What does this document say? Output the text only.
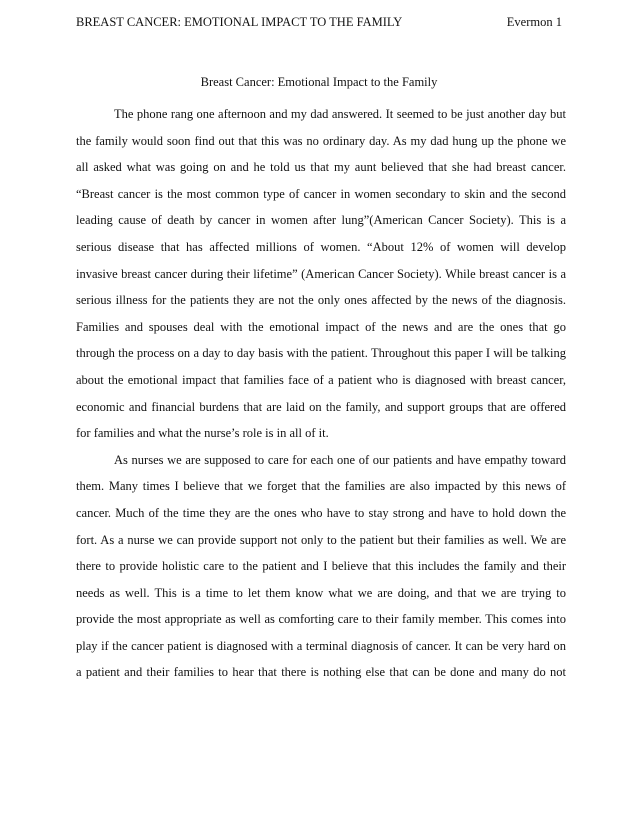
BREAST CANCER: EMOTIONAL IMPACT TO THE FAMILY	Evermon 1
Breast Cancer: Emotional Impact to the Family
The phone rang one afternoon and my dad answered. It seemed to be just another day but
the family would soon find out that this was no ordinary day. As my dad hung up the phone we
all asked what was going on and he told us that my aunt believed that she had breast cancer.
“Breast cancer is the most common type of cancer in women secondary to skin and the second
leading cause of death by cancer in women after lung”(American Cancer Society). This is a
serious disease that has affected millions of women. “About 12% of women will develop
invasive breast cancer during their lifetime” (American Cancer Society). While breast cancer is a
serious illness for the patients they are not the only ones affected by the news of the diagnosis.
Families and spouses deal with the emotional impact of the news and are the ones that go
through the process on a day to day basis with the patient. Throughout this paper I will be talking
about the emotional impact that families face of a patient who is diagnosed with breast cancer,
economic and financial burdens that are laid on the family, and support groups that are offered
for families and what the nurse’s role is in all of it.
As nurses we are supposed to care for each one of our patients and have empathy toward
them. Many times I believe that we forget that the families are also impacted by this news of
cancer. Much of the time they are the ones who have to stay strong and have to hold down the
fort. As a nurse we can provide support not only to the patient but their families as well. We are
there to provide holistic care to the patient and I believe that this includes the family and their
needs as well. This is a time to let them know what we are doing, and that we are trying to
provide the most appropriate as well as comforting care to their family member. This comes into
play if the cancer patient is diagnosed with a terminal diagnosis of cancer. It can be very hard on
a patient and their families to hear that there is nothing else that can be done and many do not
